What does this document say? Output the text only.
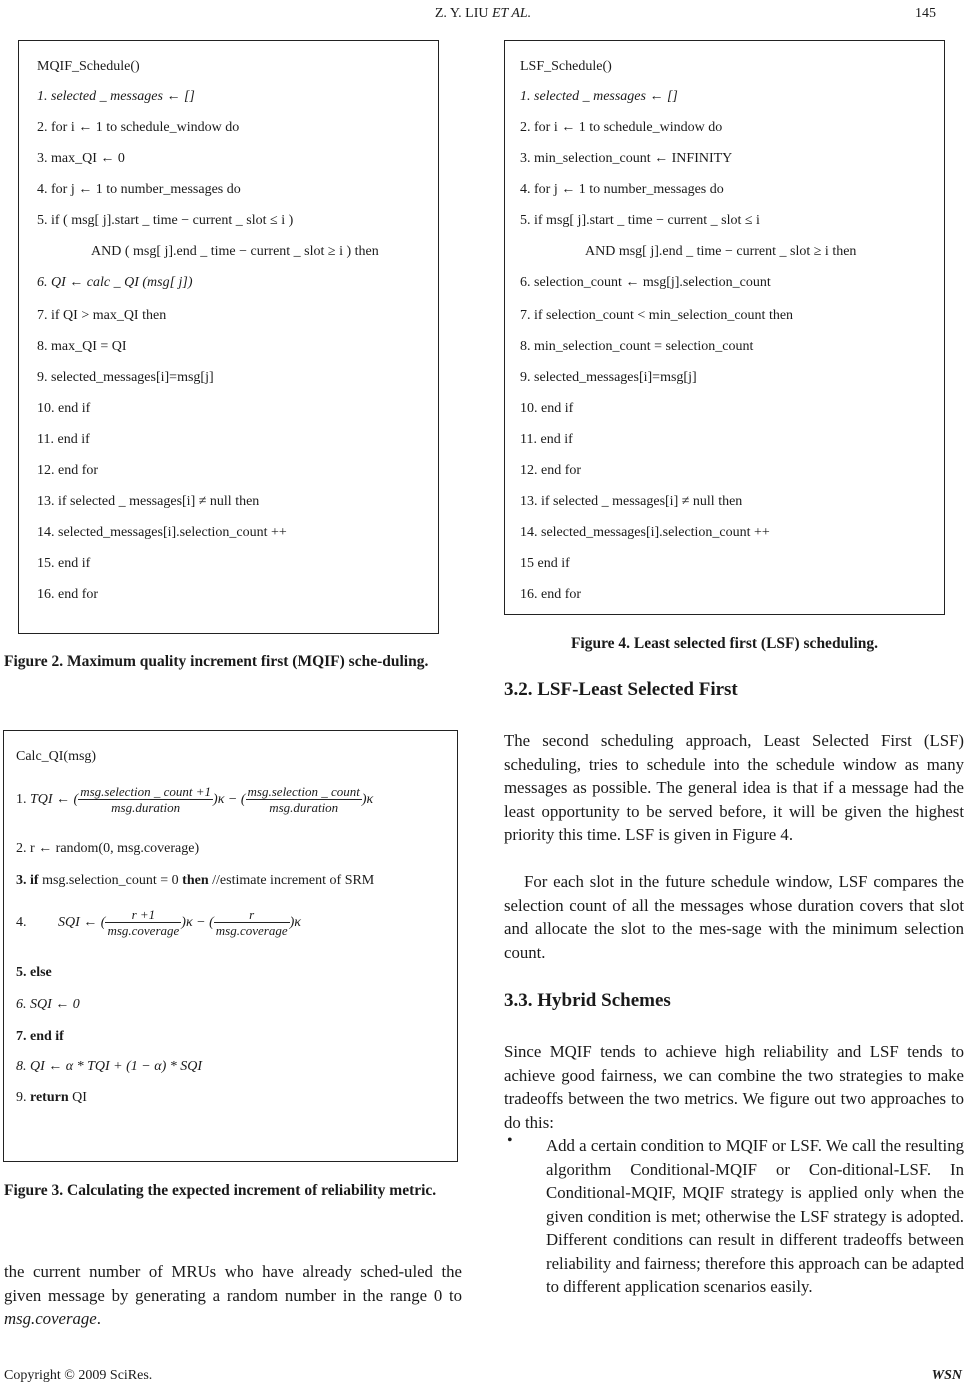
Z. Y. LIU ET AL.	145
MQIF_Schedule()
1. selected _ messages ← []
2. for i ← 1 to schedule_window do
3. max_QI ← 0
4. for j ← 1 to number_messages do
5. if ( msg[ j].start _ time − current _ slot ≤ i )
AND ( msg[ j].end _ time − current _ slot ≥ i ) then
6. QI ← calc _ QI (msg[ j])
7. if QI > max_QI then
8. max_QI = QI
9. selected_messages[i]=msg[j]
10. end if
11. end if
12. end for
13. if selected _ messages[i] ≠ null then
14. selected_messages[i].selection_count ++
15. end if
16. end for
LSF_Schedule()
1. selected _ messages ← []
2. for i ← 1 to schedule_window do
3. min_selection_count ← INFINITY
4. for j ← 1 to number_messages do
5. if msg[ j].start _ time − current _ slot ≤ i
AND msg[ j].end _ time − current _ slot ≥ i then
6. selection_count ← msg[j].selection_count
7. if selection_count < min_selection_count then
8. min_selection_count = selection_count
9. selected_messages[i]=msg[j]
10. end if
11. end if
12. end for
13. if selected _ messages[i] ≠ null then
14. selected_messages[i].selection_count ++
15 end if
16. end for
Figure 2. Maximum quality increment first (MQIF) sche-duling.
Calc_QI(msg)
1. TQI ← ( $\frac{\text{msg.selection \_ count +1}}{\text{msg.duration}} )\kappa$ − ( $\frac{\text{msg.selection \_ count}}{\text{msg.duration}} )\kappa$
2. r ← random(0, msg.coverage)
3. if msg.selection_count = 0 then //estimate increment of SRM
4. SQI ← ( $\frac{r +1}{\text{msg.coverage}} )\kappa$ − ( $\frac{r}{\text{msg.coverage}} )\kappa$
5. else
6. SQI ← 0
7. end if
8. QI ← α * TQI + (1 − α) * SQI
9. return QI
Figure 3. Calculating the expected increment of reliability metric.
the current number of MRUs who have already sched-uled the given message by generating a random number in the range 0 to msg.coverage.
Figure 4. Least selected first (LSF) scheduling.
3.2. LSF-Least Selected First
The second scheduling approach, Least Selected First (LSF) scheduling, tries to schedule into the schedule window as many messages as possible. The general idea is that if a message had the least opportunity to be served before, it will be given the highest priority this time. LSF is given in Figure 4.
For each slot in the future schedule window, LSF compares the selection count of all the messages whose duration covers that slot and allocate the slot to the mes-sage with the minimum selection count.
3.3. Hybrid Schemes
Since MQIF tends to achieve high reliability and LSF tends to achieve good fairness, we can combine the two strategies to make tradeoffs between the two metrics. We figure out two approaches to do this:
• Add a certain condition to MQIF or LSF. We call the resulting algorithm Conditional-MQIF or Con-ditional-LSF. In Conditional-MQIF, MQIF strategy is applied only when the given condition is met; otherwise the LSF strategy is adopted. Different conditions can result in different tradeoffs between reliability and fairness; therefore this approach can be adapted to different application scenarios easily.
Copyright © 2009 SciRes.	WSN
